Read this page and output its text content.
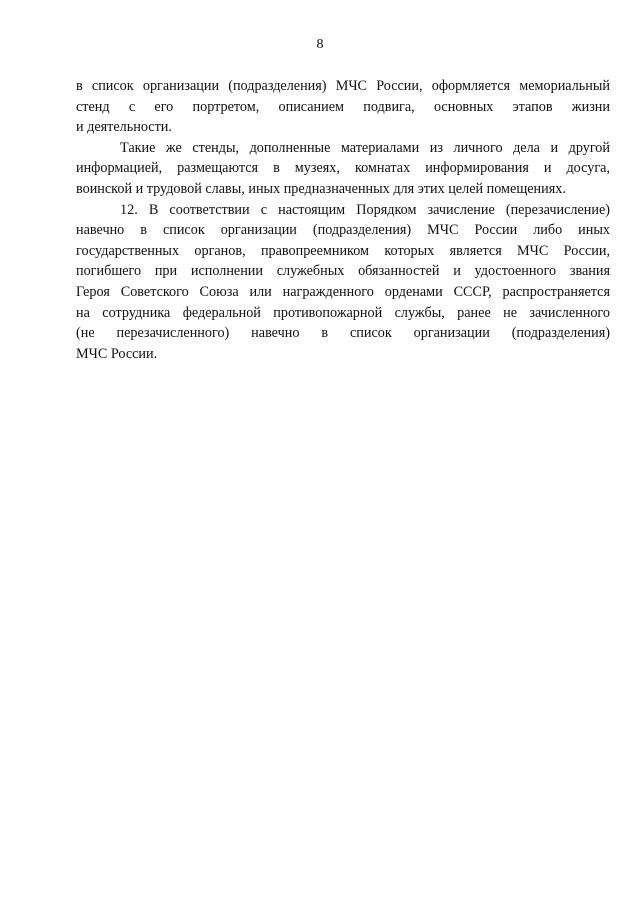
8
в список организации (подразделения) МЧС России, оформляется мемориальный
стенд с его портретом, описанием подвига, основных этапов жизни
и деятельности.
Такие же стенды, дополненные материалами из личного дела и другой
информацией, размещаются в музеях, комнатах информирования и досуга,
воинской и трудовой славы, иных предназначенных для этих целей помещениях.
12. В соответствии с настоящим Порядком зачисление (перезачисление)
навечно в список организации (подразделения) МЧС России либо иных
государственных органов, правопреемником которых является МЧС России,
погибшего при исполнении служебных обязанностей и удостоенного звания
Героя Советского Союза или награжденного орденами СССР, распространяется
на сотрудника федеральной противопожарной службы, ранее не зачисленного
(не перезачисленного) навечно в список организации (подразделения)
МЧС России.
